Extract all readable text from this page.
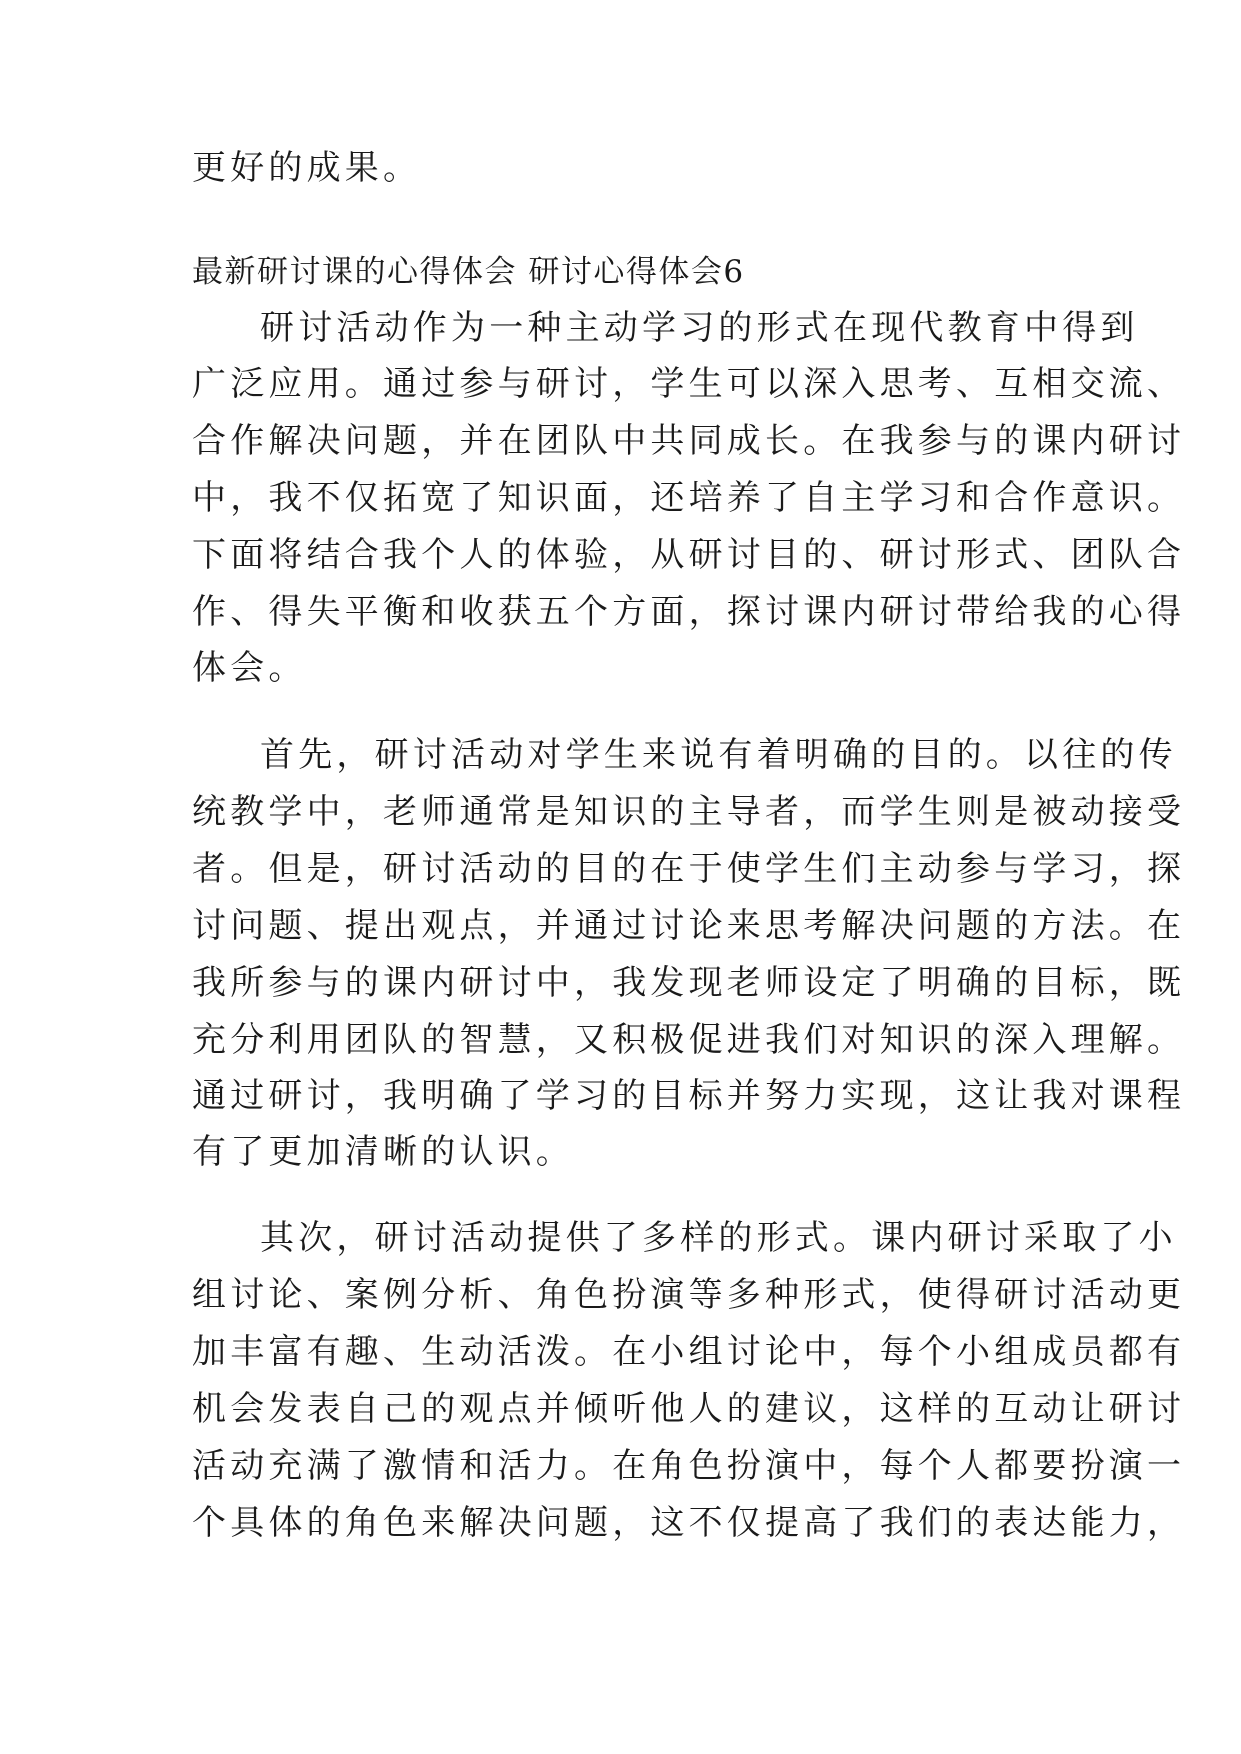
更好的成果。

最新研讨课的心得体会 研讨心得体会6

研讨活动作为一种主动学习的形式在现代教育中得到

广泛应用。通过参与研讨，学生可以深入思考、互相交流、

合作解决问题，并在团队中共同成长。在我参与的课内研讨

中，我不仅拓宽了知识面，还培养了自主学习和合作意识。

下面将结合我个人的体验，从研讨目的、研讨形式、团队合

作、得失平衡和收获五个方面，探讨课内研讨带给我的心得

体会。

首先，研讨活动对学生来说有着明确的目的。以往的传

统教学中，老师通常是知识的主导者，而学生则是被动接受

者。但是，研讨活动的目的在于使学生们主动参与学习，探

讨问题、提出观点，并通过讨论来思考解决问题的方法。在

我所参与的课内研讨中，我发现老师设定了明确的目标，既

充分利用团队的智慧，又积极促进我们对知识的深入理解。

通过研讨，我明确了学习的目标并努力实现，这让我对课程

有了更加清晰的认识。

其次，研讨活动提供了多样的形式。课内研讨采取了小

组讨论、案例分析、角色扮演等多种形式，使得研讨活动更

加丰富有趣、生动活泼。在小组讨论中，每个小组成员都有

机会发表自己的观点并倾听他人的建议，这样的互动让研讨

活动充满了激情和活力。在角色扮演中，每个人都要扮演一

个具体的角色来解决问题，这不仅提高了我们的表达能力，
